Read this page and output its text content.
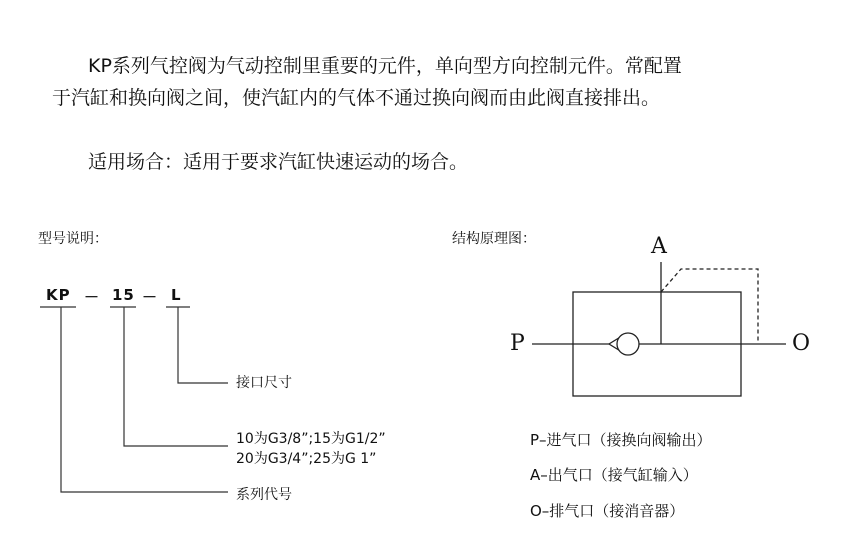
KP系列气控阀为气动控制里重要的元件，单向型方向控制元件。常配置
于汽缸和换向阀之间，使汽缸内的气体不通过换向阀而由此阀直接排出。
适用场合：适用于要求汽缸快速运动的场合。
型号说明：
KP － 15 － L
接口尺寸
10为G3/8”;15为G1/2”
20为G3/4”;25为G 1”
系列代号
结构原理图：	A
P	O
P–进气口（接换向阀输出）
A–出气口（接气缸输入）
O–排气口（接消音器）
